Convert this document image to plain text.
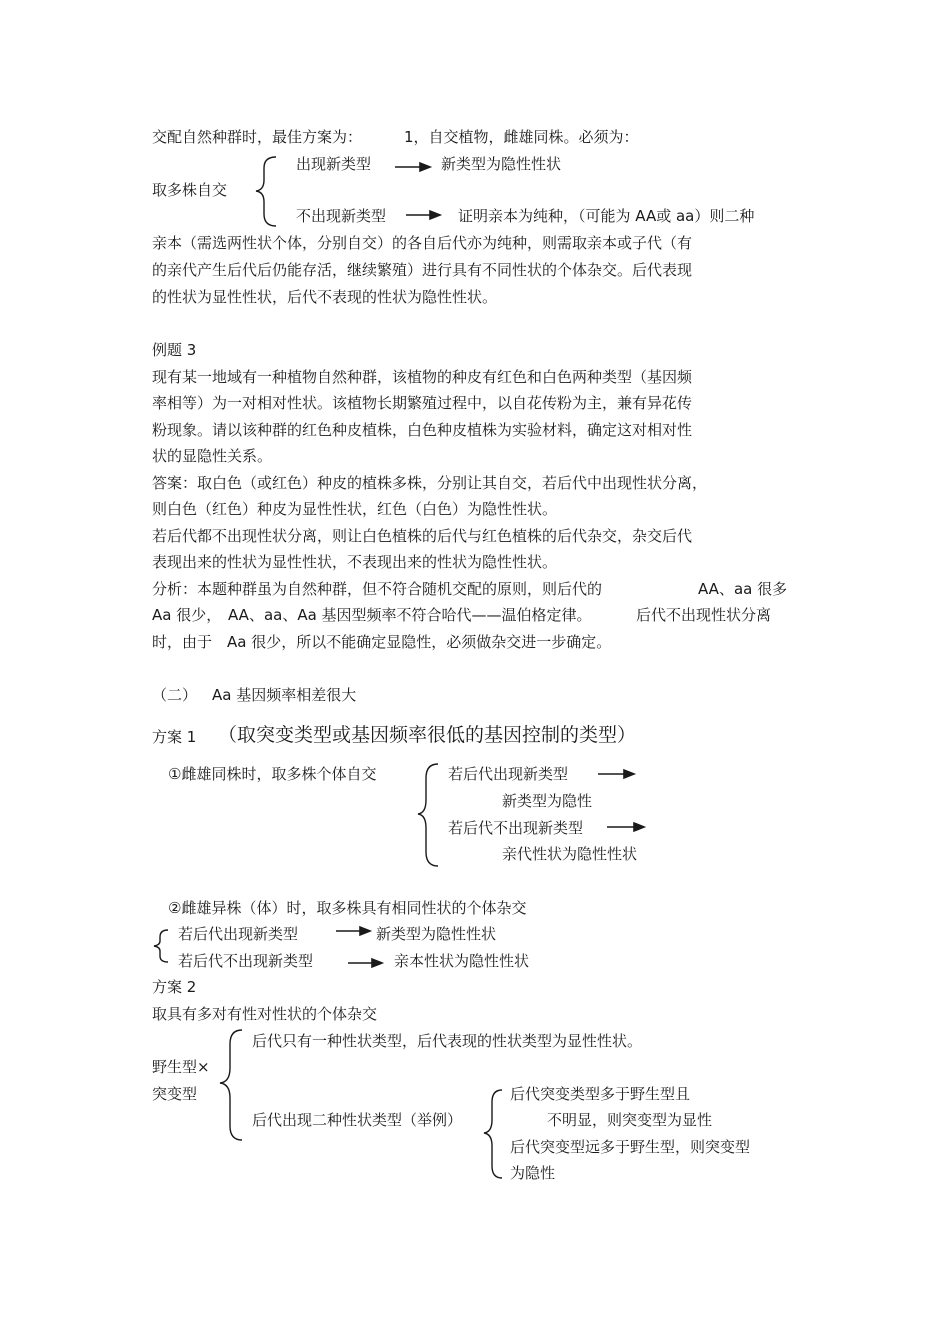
交配自然种群时，最佳方案为：	1，自交植物，雌雄同株。必须为：
取多株自交
出现新类型	新类型为隐性性状
不出现新类型	证明亲本为纯种，（可能为 AA或 aa）则二种
亲本（需选两性状个体，分别自交）的各自后代亦为纯种，则需取亲本或子代（有
的亲代产生后代后仍能存活，继续繁殖）进行具有不同性状的个体杂交。后代表现
的性状为显性性状，后代不表现的性状为隐性性状。
例题 3
现有某一地域有一种植物自然种群，该植物的种皮有红色和白色两种类型（基因频
率相等）为一对相对性状。该植物长期繁殖过程中，以自花传粉为主，兼有异花传
粉现象。请以该种群的红色种皮植株，白色种皮植株为实验材料，确定这对相对性
状的显隐性关系。
答案：取白色（或红色）种皮的植株多株，分别让其自交，若后代中出现性状分离，
则白色（红色）种皮为显性性状，红色（白色）为隐性性状。
若后代都不出现性状分离，则让白色植株的后代与红色植株的后代杂交，杂交后代
表现出来的性状为显性性状，不表现出来的性状为隐性性状。
分析：本题种群虽为自然种群，但不符合随机交配的原则，则后代的	AA、aa 很多
Aa 很少， AA、aa、Aa 基因型频率不符合哈代——温伯格定律。	后代不出现性状分离
时，由于　Aa 很少，所以不能确定显隐性，必须做杂交进一步确定。
（二） Aa 基因频率相差很大
方案 1 （取突变类型或基因频率很低的基因控制的类型）
①雌雄同株时，取多株个体自交	若后代出现新类型
新类型为隐性
若后代不出现新类型
亲代性状为隐性性状
②雌雄异株（体）时，取多株具有相同性状的个体杂交
若后代出现新类型	新类型为隐性性状
若后代不出现新类型	亲本性状为隐性性状
方案 2
取具有多对有性对性状的个体杂交
野生型×
突变型
后代只有一种性状类型，后代表现的性状类型为显性性状。
后代出现二种性状类型（举例）
后代突变类型多于野生型且
不明显，则突变型为显性
后代突变型远多于野生型，则突变型
为隐性
